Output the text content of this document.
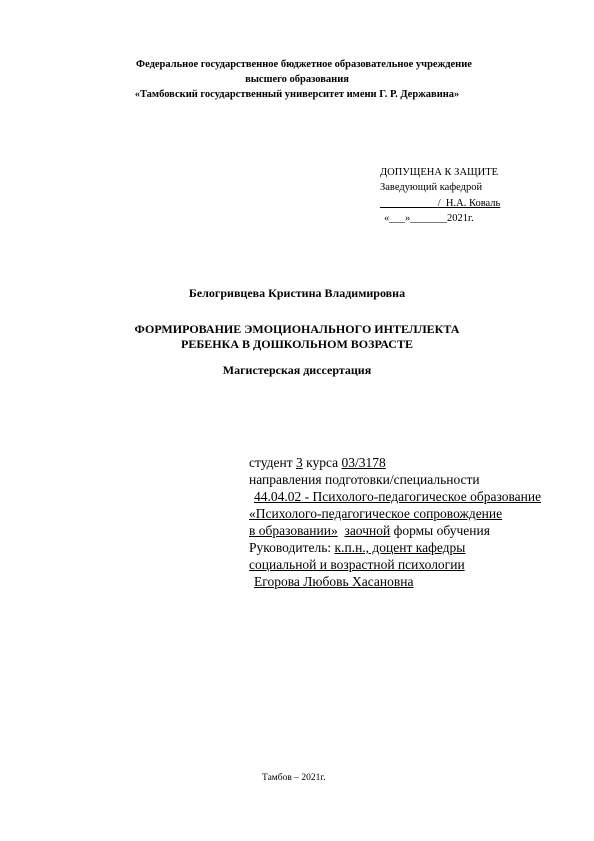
Федеральное государственное бюджетное образовательное учреждение
высшего образования
«Тамбовский государственный университет имени Г. Р. Державина»
ДОПУЩЕНА К ЗАЩИТЕ
Заведующий кафедрой
___________/_Н.А. Коваль
«___»_______2021г.
Белогривцева Кристина Владимировна
ФОРМИРОВАНИЕ ЭМОЦИОНАЛЬНОГО ИНТЕЛЛЕКТА
РЕБЕНКА В ДОШКОЛЬНОМ ВОЗРАСТЕ
Магистерская диссертация
студент 3 курса 03/3178
направления подготовки/специальности
44.04.02 - Психолого-педагогическое образование
«Психолого-педагогическое сопровождение
в образовании» заочной формы обучения
Руководитель: к.п.н., доцент кафедры
социальной и возрастной психологии
Егорова Любовь Хасановна
Тамбов – 2021г.
